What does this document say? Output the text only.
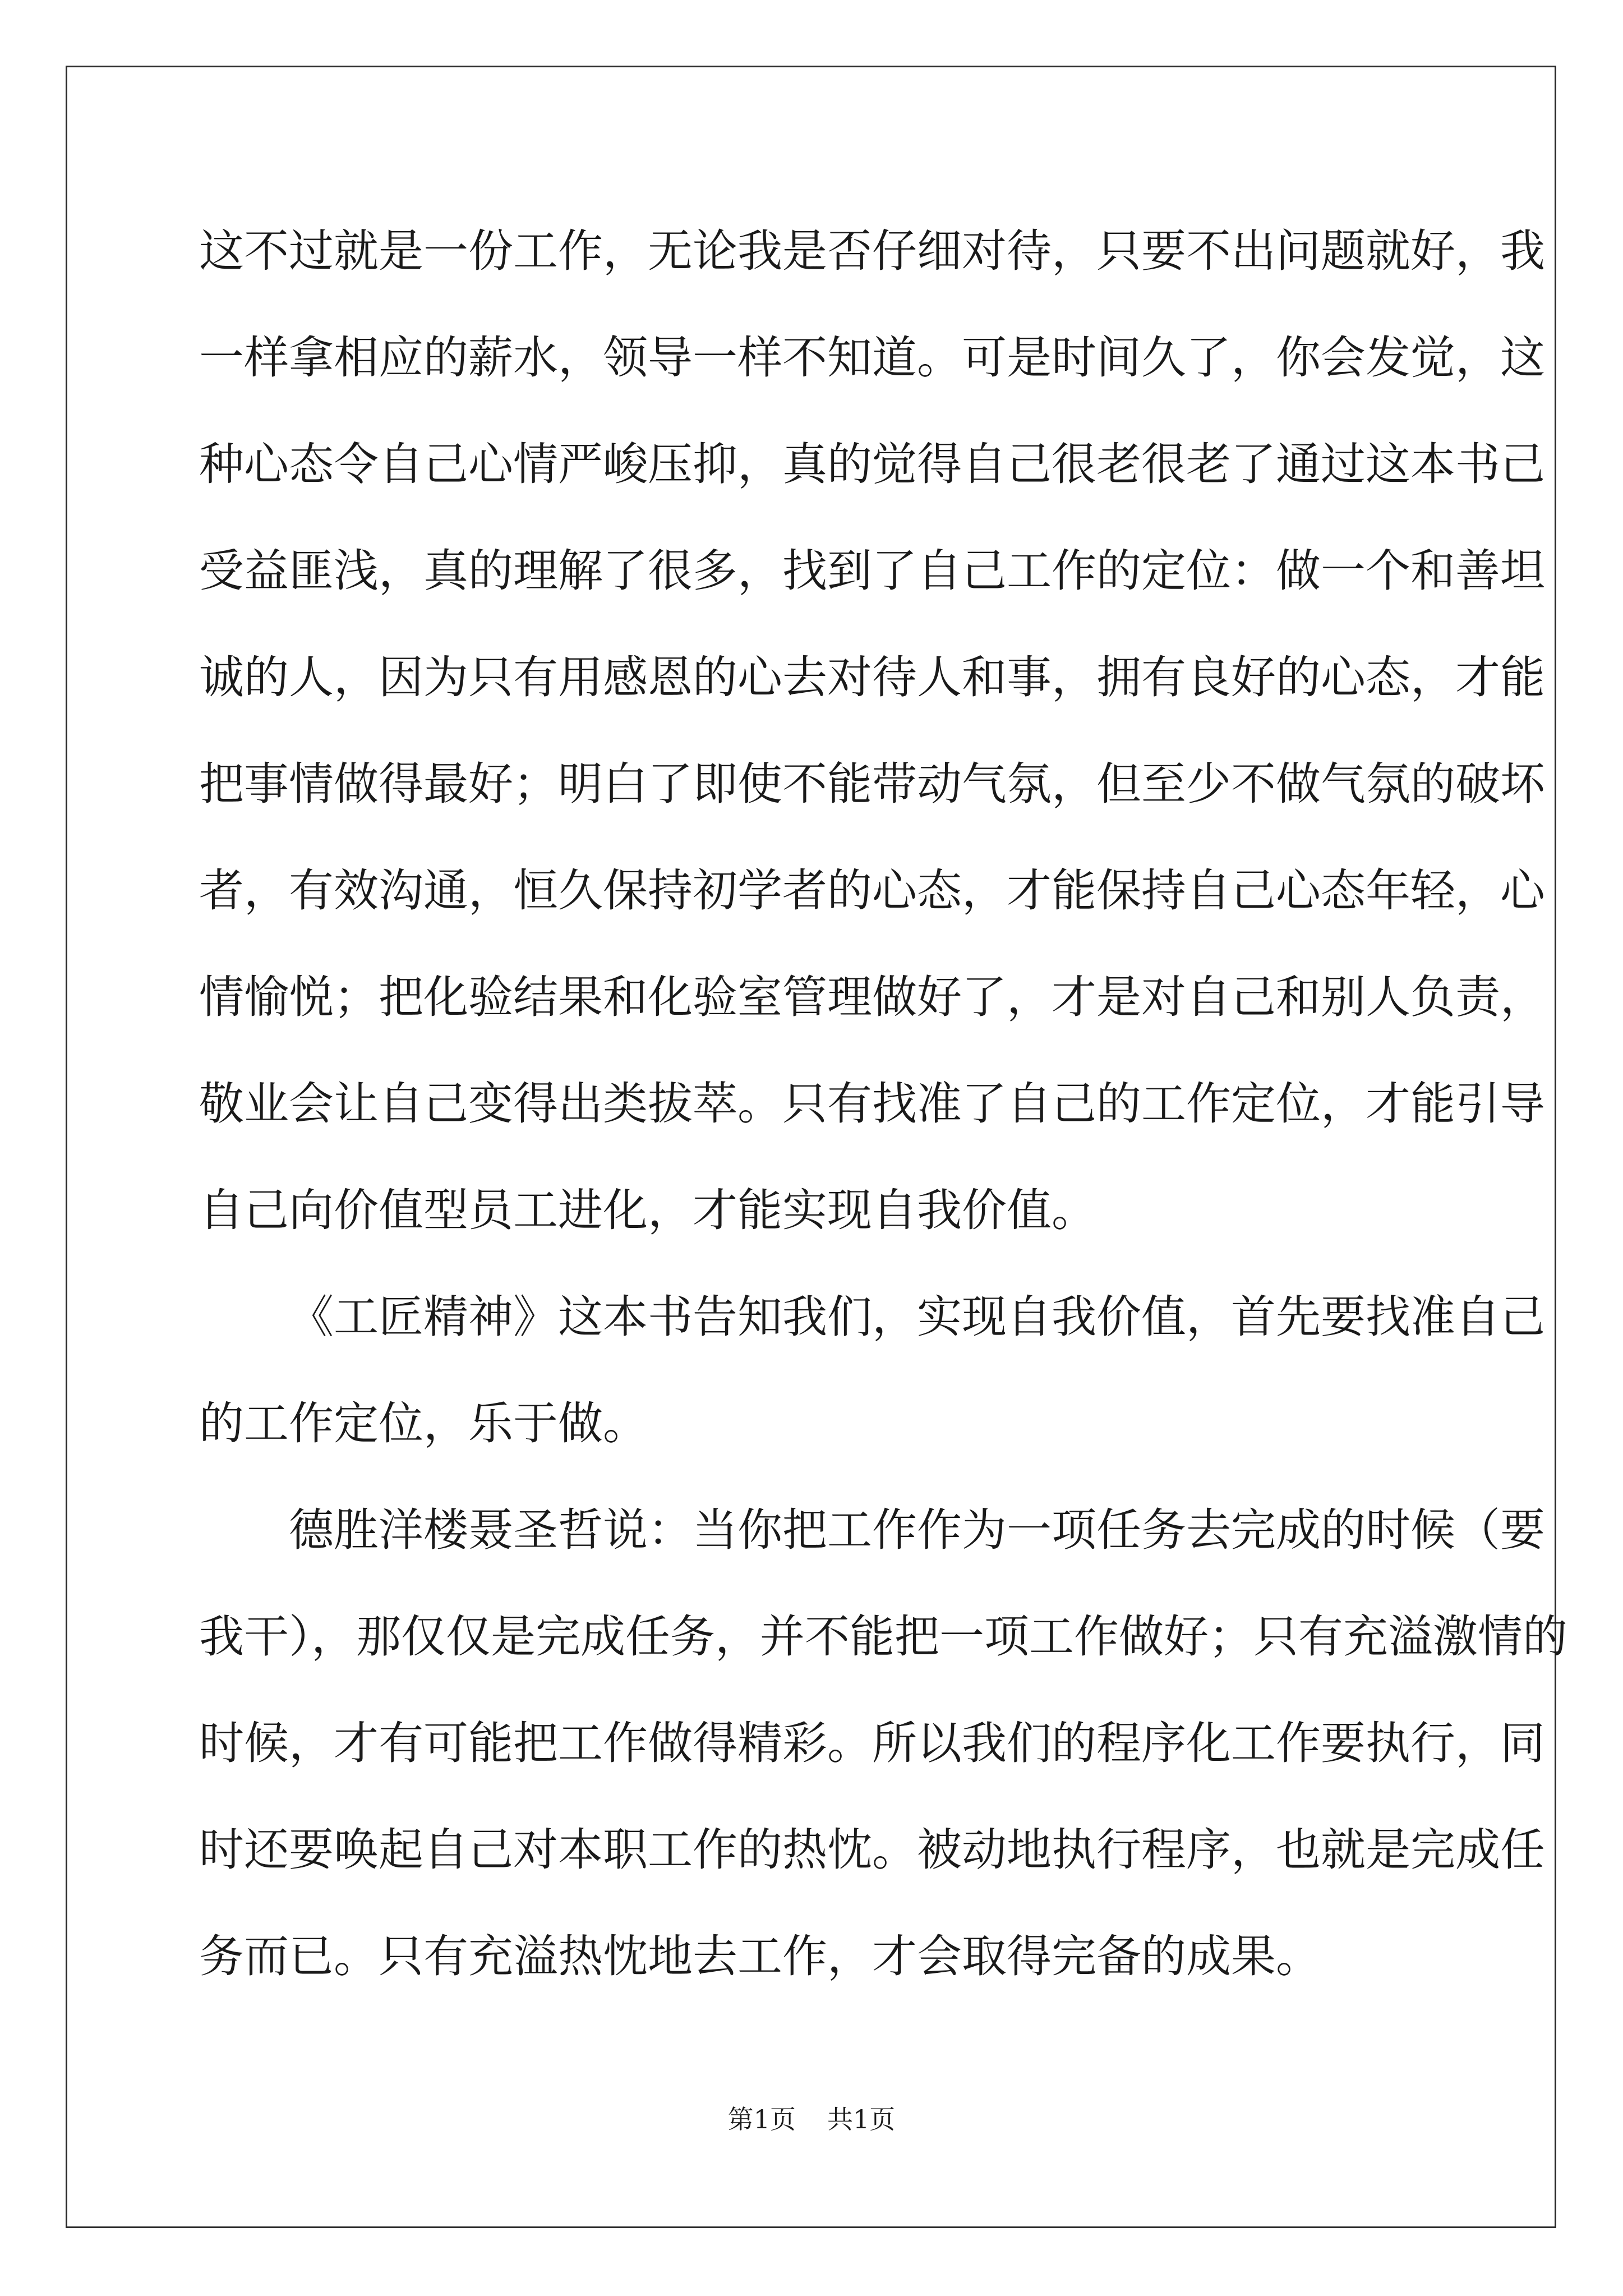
这不过就是一份工作，无论我是否仔细对待，只要不出问题就好，我
一样拿相应的薪水，领导一样不知道。可是时间久了，你会发觉，这
种心态令自己心情严峻压抑，真的觉得自己很老很老了通过这本书己
受益匪浅，真的理解了很多，找到了自己工作的定位：做一个和善坦
诚的人，因为只有用感恩的心去对待人和事，拥有良好的心态，才能
把事情做得最好；明白了即使不能带动气氛，但至少不做气氛的破坏
者，有效沟通，恒久保持初学者的心态，才能保持自己心态年轻，心
情愉悦；把化验结果和化验室管理做好了，才是对自己和别人负责，
敬业会让自己变得出类拔萃。只有找准了自己的工作定位，才能引导
自己向价值型员工进化，才能实现自我价值。
《工匠精神》这本书告知我们，实现自我价值，首先要找准自己
的工作定位，乐于做。
德胜洋楼聂圣哲说：当你把工作作为一项任务去完成的时候（要
我干），那仅仅是完成任务，并不能把一项工作做好；只有充溢激情的
时候，才有可能把工作做得精彩。所以我们的程序化工作要执行，同
时还要唤起自己对本职工作的热忱。被动地执行程序，也就是完成任
务而已。只有充溢热忱地去工作，才会取得完备的成果。
第1页 共1页
